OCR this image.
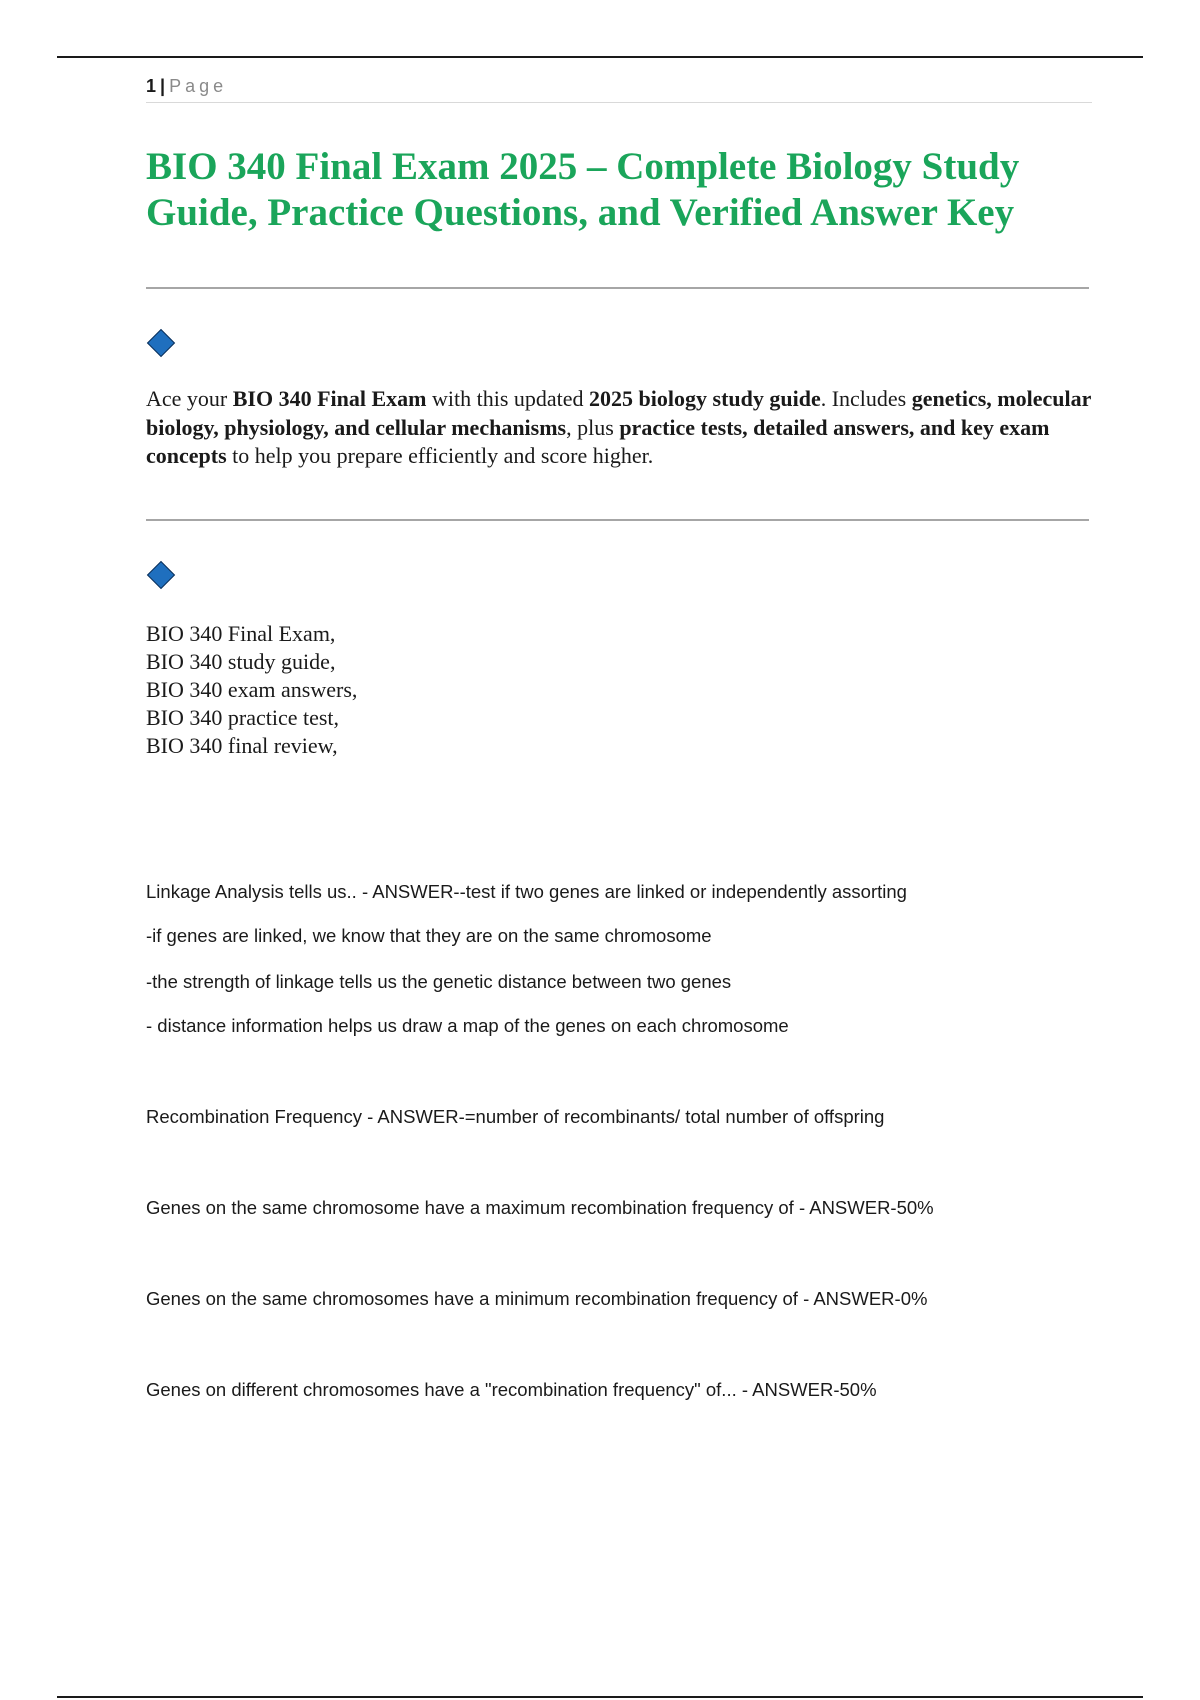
1 | Page
BIO 340 Final Exam 2025 – Complete Biology Study Guide, Practice Questions, and Verified Answer Key

Ace your BIO 340 Final Exam with this updated 2025 biology study guide. Includes genetics, molecular biology, physiology, and cellular mechanisms, plus practice tests, detailed answers, and key exam concepts to help you prepare efficiently and score higher.

BIO 340 Final Exam,
BIO 340 study guide,
BIO 340 exam answers,
BIO 340 practice test,
BIO 340 final review,

Linkage Analysis tells us.. - ANSWER--test if two genes are linked or independently assorting

-if genes are linked, we know that they are on the same chromosome

-the strength of linkage tells us the genetic distance between two genes

- distance information helps us draw a map of the genes on each chromosome

Recombination Frequency - ANSWER-=number of recombinants/ total number of offspring

Genes on the same chromosome have a maximum recombination frequency of - ANSWER-50%

Genes on the same chromosomes have a minimum recombination frequency of - ANSWER-0%

Genes on different chromosomes have a "recombination frequency" of... - ANSWER-50%
